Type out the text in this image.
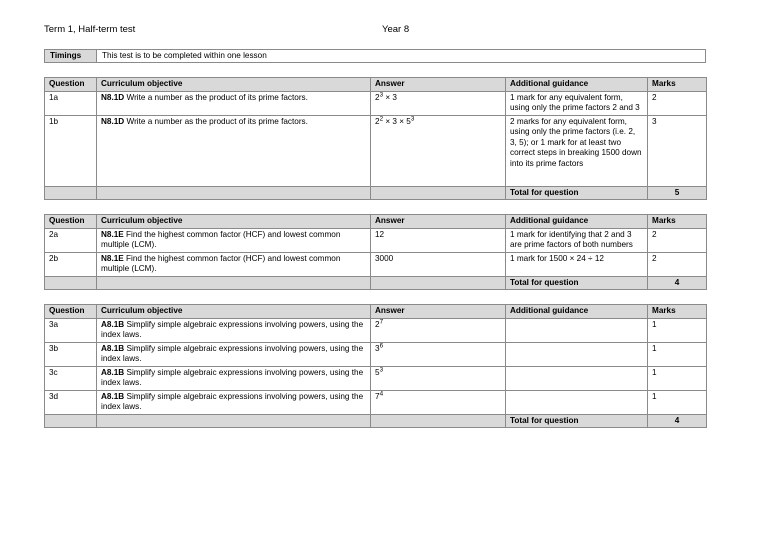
Term 1, Half-term test	Year 8
Timings	This test is to be completed within one lesson
Question	Curriculum objective	Answer	Additional guidance	Marks
1a	N8.1D Write a number as the product of its prime factors.	$2^3 \times 3$	1 mark for any equivalent form, using only the prime factors 2 and 3	2
1b	N8.1D Write a number as the product of its prime factors.	$2^2 \times 3 \times 5^3$	2 marks for any equivalent form, using only the prime factors (i.e. 2, 3, 5); or 1 mark for at least two correct steps in breaking 1500 down into its prime factors	3
			Total for question	5
Question	Curriculum objective	Answer	Additional guidance	Marks
2a	N8.1E Find the highest common factor (HCF) and lowest common multiple (LCM).	12	1 mark for identifying that 2 and 3 are prime factors of both numbers	2
2b	N8.1E Find the highest common factor (HCF) and lowest common multiple (LCM).	3000	1 mark for 1500 × 24 ÷ 12	2
			Total for question	4
Question	Curriculum objective	Answer	Additional guidance	Marks
3a	A8.1B Simplify simple algebraic expressions involving powers, using the index laws.	$2^7$		1
3b	A8.1B Simplify simple algebraic expressions involving powers, using the index laws.	$3^6$		1
3c	A8.1B Simplify simple algebraic expressions involving powers, using the index laws.	$5^3$		1
3d	A8.1B Simplify simple algebraic expressions involving powers, using the index laws.	$7^4$		1
			Total for question	4
